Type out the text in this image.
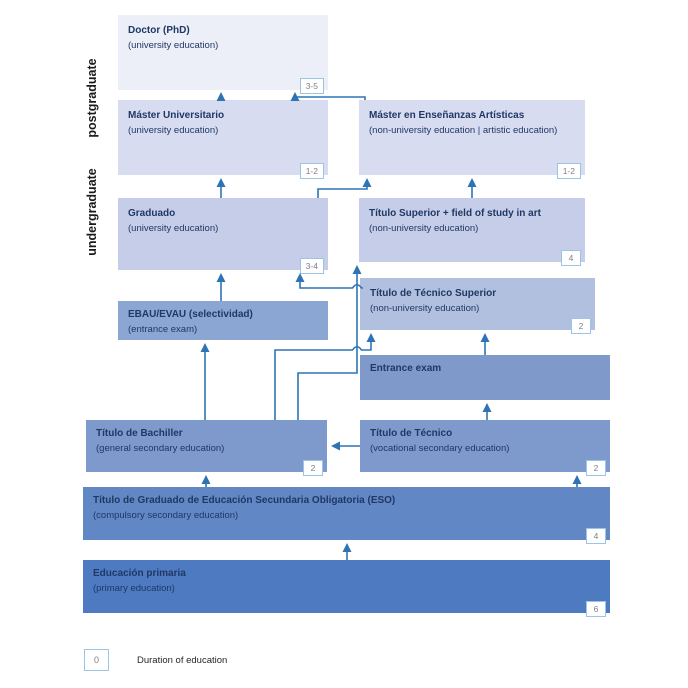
postgraduate
undergraduate
Doctor (PhD)
(university education)
3-5
Máster Universitario
(university education)
1-2
Máster en Enseñanzas Artísticas
(non-university education | artistic education)
1-2
Graduado
(university education)
3-4
Título Superior + field of study in art
(non-university education)
4
Título de Técnico Superior
(non-university education)
2
EBAU/EVAU (selectividad)
(entrance exam)
Entrance exam
Título de Bachiller
(general secondary education)
2
Título de Técnico
(vocational secondary education)
2
Título de Graduado de Educación Secundaria Obligatoria (ESO)
(compulsory secondary education)
4
Educación primaria
(primary education)
6
0	Duration of education
